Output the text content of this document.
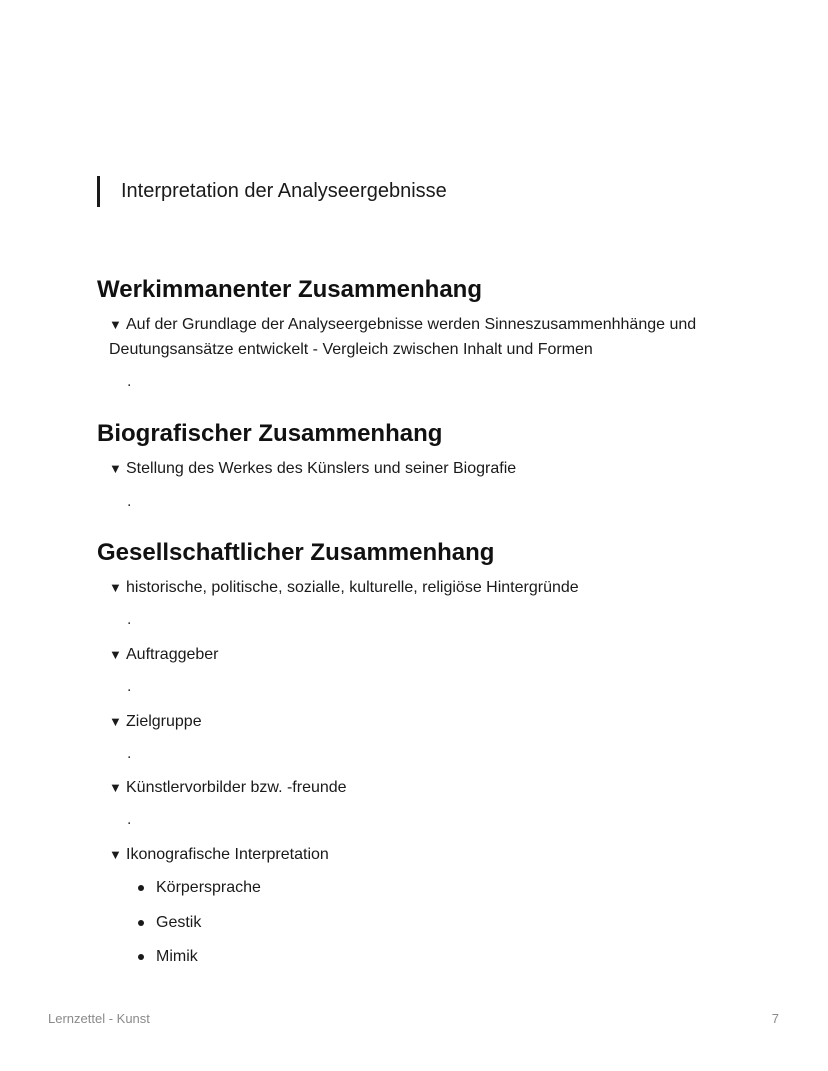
Interpretation der Analyseergebnisse
Werkimmanenter Zusammenhang
▼ Auf der Grundlage der Analyseergebnisse werden Sinneszusammenhhänge und Deutungsansätze entwickelt - Vergleich zwischen Inhalt und Formen
.
Biografischer Zusammenhang
▼ Stellung des Werkes des Künslers und seiner Biografie
.
Gesellschaftlicher Zusammenhang
▼ historische, politische, sozialle, kulturelle, religiöse Hintergründe
.
▼ Auftraggeber
.
▼ Zielgruppe
.
▼ Künstlervorbilder bzw. -freunde
.
▼ Ikonografische Interpretation
Körpersprache
Gestik
Mimik
Lernzettel - Kunst	7
